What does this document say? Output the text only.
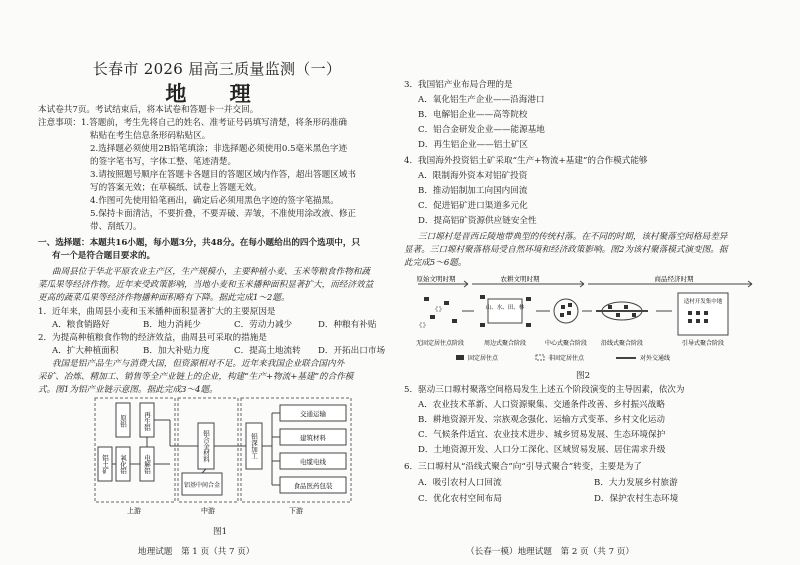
长春市 2026 届高三质量监测（一）
地 理
本试卷共7页。考试结束后，将本试卷和答题卡一并交回。
注意事项：1.答题前，考生先将自己的姓名、准考证号码填写清楚，将条形码准确
粘贴在考生信息条形码粘贴区。
2.选择题必须使用2B铅笔填涂；非选择题必须使用0.5毫米黑色字迹
的签字笔书写，字体工整、笔迹清楚。
3.请按照题号顺序在答题卡各题目的答题区域内作答，超出答题区域书
写的答案无效；在草稿纸、试卷上答题无效。
4.作图可先使用铅笔画出，确定后必须用黑色字迹的签字笔描黑。
5.保持卡面清洁，不要折叠，不要弄破、弄皱，不准使用涂改液、修正
带、刮纸刀。
一、选择题：本题共16小题，每小题3分，共48分。在每小题给出的四个选项中，只
有一个是符合题目要求的。
曲周县位于华北平原农业主产区，生产规模小，主要种植小麦、玉米等粮食作物和蔬
菜瓜果等经济作物。近年来受政策影响，当地小麦和玉米播种面积显著扩大，而经济效益
更高的蔬菜瓜果等经济作物播种面积略有下降。据此完成1～2题。
1．近年来，曲周县小麦和玉米播种面积显著扩大的主要原因是
A．粮食销路好	B．地力消耗少	C．劳动力减少	D．种粮有补贴
2．为提高种植粮食作物的经济效益，曲周县可采取的措施是
A．扩大种植面积	B．加大补贴力度	C．提高土地流转 D．开拓出口市场
我国是铝产品生产与消费大国，但资源相对不足。近年来我国企业联合国内外
采矿、冶炼、精加工、销售等全产业链上的企业，构建“生产+物流+基建”的合作模
式。图1为铝产业链示意图。据此完成3～4题。
原铝 再生铝
氧化铝 电解铝
铝土矿
铝合金材料
铝基中间合金
铝深加工
交通运输
建筑材料
电缆电线
食品医药包装
上游	中游	下游
图1
地理试题　第 1 页（共 7 页）
3．我国铝产业布局合理的是
A．氧化铝生产企业——沿海港口
B．电解铝企业——高等院校
C．铝合金研发企业——能源基地
D．再生铝企业——铝土矿区
4．我国海外投资铝土矿采取“生产+物流+基建”的合作模式能够
A．限制海外资本对铝矿投资
B．推动铝制加工向国内回流
C．促进铝矿进口渠道多元化
D．提高铝矿资源供应链安全性
三口塬村是晋西丘陵地带典型的传统村落。在不同的时期，该村聚落空间格局差异
显著。三口塬村聚落格局受自然环境和经济政策影响。图2为该村聚落模式演变图。据
此完成5～6题。
原始文明时期	农耕文明时期	商品经济时期
山、水、田、林
适村开发集中地
无固定居住点阶段	周边式聚合阶段	中心式聚合阶段 沿线式聚合阶段	引导式聚合阶段
固定居住点	非固定居住点	对外交通线
图2
5．驱动三口塬村聚落空间格局发生上述五个阶段演变的主导因素，依次为
A．农业技术革新、人口资源聚集、交通条件改善、乡村振兴战略
B．耕地资源开发、宗族观念强化、运输方式变革、乡村文化运动
C．气候条件适宜、农业技术进步、城乡贸易发展、生态环境保护
D．土地资源开发、人口分工深化、区域贸易发展、居住需求升级
6．三口塬村从“沿线式聚合”向“引导式聚合”转变，主要是为了
A．吸引农村人口回流	B．大力发展乡村旅游
C．优化农村空间布局	D．保护农村生态环境
（长春一模）地理试题　第 2 页（共 7 页）
